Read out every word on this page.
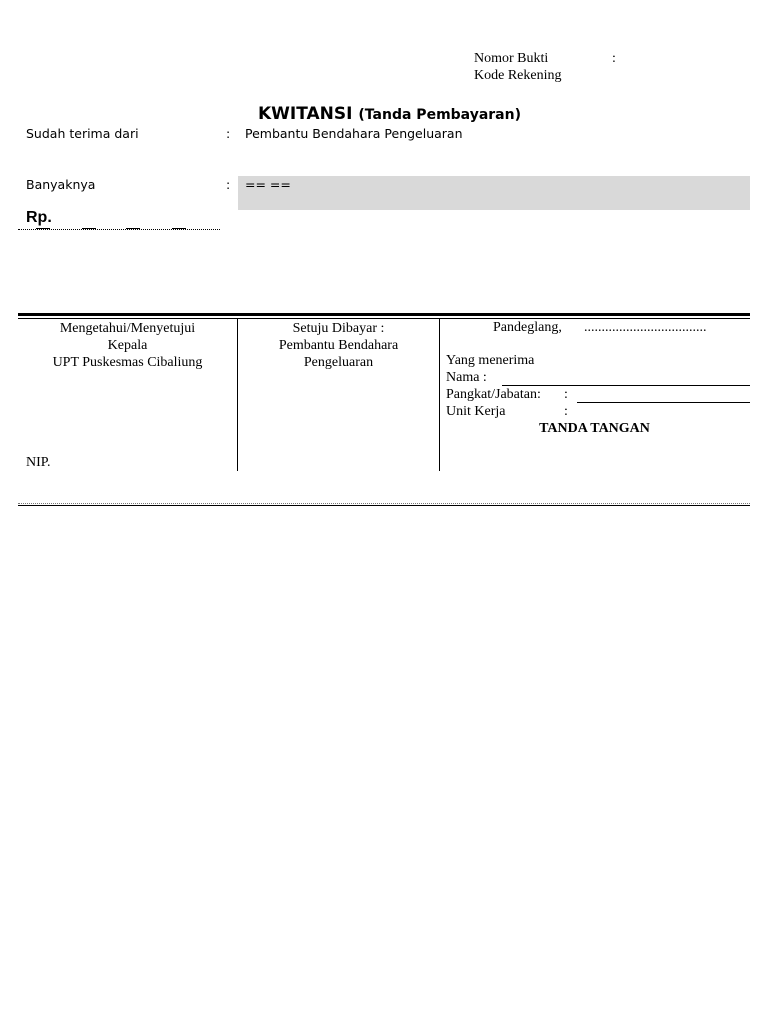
Nomor Bukti	:
Kode Rekening
KWITANSI (Tanda Pembayaran)
Sudah terima dari	: Pembantu Bendahara Pengeluaran
Banyaknya	: == ==
Rp.
Mengetahui/Menyetujui
Kepala
UPT Puskesmas Cibaliung
NIP.
Setuju Dibayar :
Pembantu Bendahara
Pengeluaran
Pandeglang, ...................................
Yang menerima
Nama :
Pangkat/Jabatan: :
Unit Kerja	:
TANDA TANGAN
